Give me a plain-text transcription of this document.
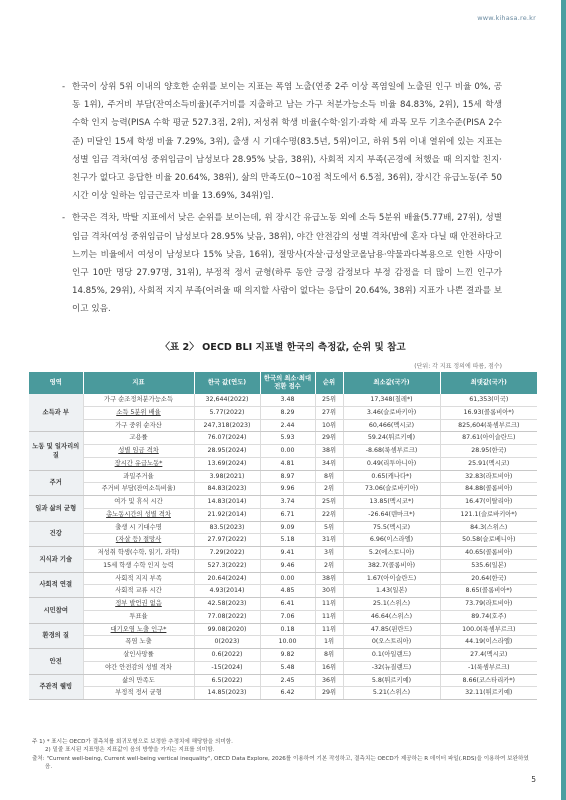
www.kihasa.re.kr
- 한국이 상위 5위 이내의 양호한 순위를 보이는 지표는 폭염 노출(연중 2주 이상 폭염일에 노출된 인구 비율 0%, 공동 1위), 주거비 부담(잔여소득비율)(주거비를 지출하고 남는 가구 처분가능소득 비율 84.83%, 2위), 15세 학생 수학 인지 능력(PISA 수학 평균 527.3점, 2위), 저성취 학생 비율(수학·읽기·과학 세 과목 모두 기초수준(PISA 2수준) 미달인 15세 학생 비율 7.29%, 3위), 출생 시 기대수명(83.5년, 5위)이고, 하위 5위 이내 열위에 있는 지표는 성별 임금 격차(여성 중위임금이 남성보다 28.95% 낮음, 38위), 사회적 지지 부족(곤경에 처했을 때 의지할 친지·친구가 없다고 응답한 비율 20.64%, 38위), 삶의 만족도(0~10점 척도에서 6.5점, 36위), 장시간 유급노동(주 50시간 이상 일하는 임금근로자 비율 13.69%, 34위)임.
- 한국은 격차, 박탈 지표에서 낮은 순위를 보이는데, 위 장시간 유급노동 외에 소득 5분위 배율(5.77배, 27위), 성별 임금 격차(여성 중위임금이 남성보다 28.95% 낮음, 38위), 야간 안전감의 성별 격차(밤에 혼자 다닐 때 안전하다고 느끼는 비율에서 여성이 남성보다 15% 낮음, 16위), 절망사(자살·급성알코올남용·약물과다복용으로 인한 사망이 인구 10만 명당 27.97명, 31위), 부정적 정서 균형(하루 동안 긍정 감정보다 부정 감정을 더 많이 느낀 인구가 14.85%, 29위), 사회적 지지 부족(어려울 때 의지할 사람이 없다는 응답이 20.64%, 38위) 지표가 나쁜 결과를 보이고 있음.
〈표 2〉 OECD BLI 지표별 한국의 측정값, 순위 및 참고
(단위: 각 지표 정의에 따름, 점수)
영역	지표	한국 값(연도)	한국의 최소·최대 전환 점수	순위	최소값(국가)	최댓값(국가)
소득과 부	가구 순조정처분가능소득	32,644(2022)	3.48	25위	17,348(칠레*)	61,353(미국)
	소득 5분위 배율	5.77(2022)	8.29	27위	3.46(슬로바키아)	16.93(콜롬비아*)
	가구 중위 순자산	247,318(2023)	2.44	10위	60,466(멕시코)	825,604(룩셈부르크)
노동 및 일자리의 질	고용률	76.07(2024)	5.93	29위	59.24(튀르키예)	87.61(아이슬란드)
	성별 임금 격차	28.95(2024)	0.00	38위	-8.68(룩셈부르크)	28.95(한국)
	장시간 유급노동*	13.69(2024)	4.81	34위	0.49(리투아니아)	25.91(멕시코)
주거	과밀주거율	3.98(2021)	8.97	8위	0.65(캐나다*)	32.83(라트비아)
	주거비 부담(잔여소득비율)	84.83(2023)	9.96	2위	73.06(슬로바키아)	84.88(콜롬비아)
일과 삶의 균형	여가 및 휴식 시간	14.83(2014)	3.74	25위	13.85(멕시코*)	16.47(이탈리아)
	총노동시간의 성별 격차	21.92(2014)	6.71	22위	-26.64(덴마크*)	121.1(슬로바키아*)
건강	출생 시 기대수명	83.5(2023)	9.09	5위	75.5(멕시코)	84.3(스위스)
	(자살 등) 절망사	27.97(2022)	5.18	31위	6.96(이스라엘)	50.58(슬로베니아)
지식과 기술	저성취 학생(수학, 읽기, 과학)	7.29(2022)	9.41	3위	5.2(에스토니아)	40.65(콜롬비아)
	15세 학생 수학 인지 능력	527.3(2022)	9.46	2위	382.7(콜롬비아)	535.6(일본)
사회적 연결	사회적 지지 부족	20.64(2024)	0.00	38위	1.67(아이슬란드)	20.64(한국)
	사회적 교류 시간	4.93(2014)	4.85	30위	1.43(일본)	8.65(콜롬비아*)
시민참여	정부 발언권 없음	42.58(2023)	6.41	11위	25.1(스위스)	73.79(라트비아)
	투표율	77.08(2022)	7.06	11위	46.64(스위스)	89.74(호주)
환경의 질	대기오염 노출 인구*	99.08(2020)	0.18	11위	47.85(핀란드)	100.0(룩셈부르크)
	폭염 노출	0(2023)	10.00	1위	0(오스트리아)	44.19(이스라엘)
안전	살인사망률	0.6(2022)	9.82	8위	0.1(아일랜드)	27.4(멕시코)
	야간 안전감의 성별 격차	-15(2024)	5.48	16위	-32(뉴질랜드)	-1(룩셈부르크)
주관적 웰빙	삶의 만족도	6.5(2022)	2.45	36위	5.8(튀르키예)	8.66(코스타리카*)
	부정적 정서 균형	14.85(2023)	6.42	29위	5.21(스위스)	32.11(튀르키예)

주 1) * 표시는 OECD가 결측치를 회귀모형으로 보정한 추정치에 해당함을 의미함.

2) 밑줄 표시된 지표명은 지표값이 음의 방향을 가지는 지표를 의미함.

출처: "Current well-being, Current well-being vertical inequality", OECD Data Explore, 2026를 이용하여 기본 작성하고, 결측치는 OECD가 제공하는 R 데이터 파일(.RDS)을 이용하여 보완하였음.

5
